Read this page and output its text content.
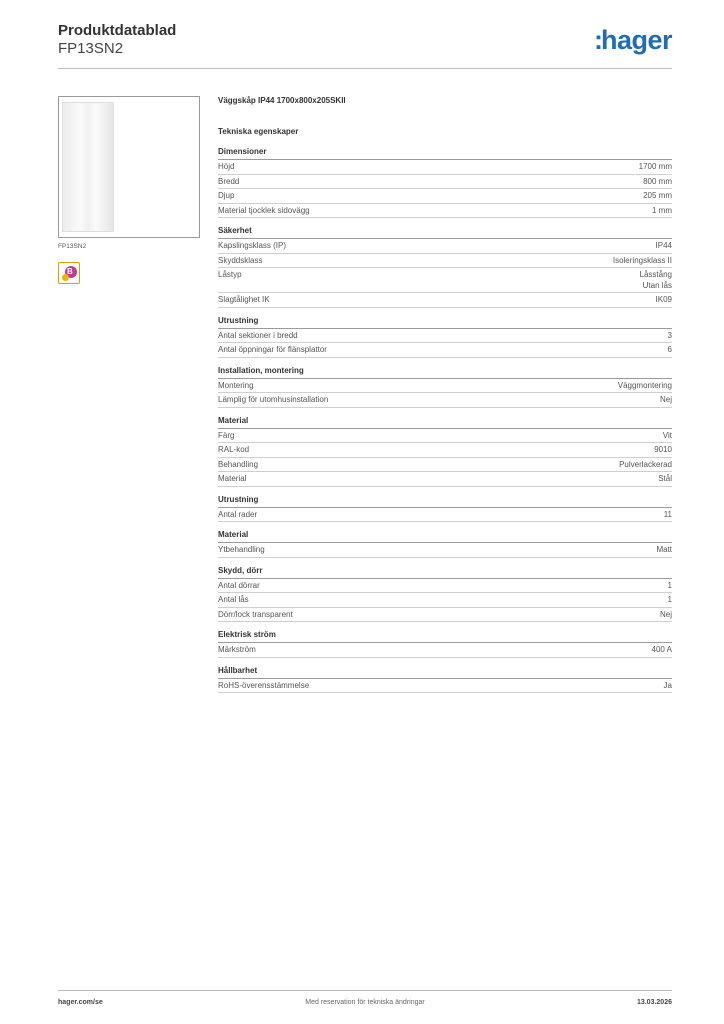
Produktdatablad
FP13SN2	:hager
FP13SN2
B
Väggskåp IP44 1700x800x205SKII
Tekniska egenskaper
Dimensioner
Höjd	1700 mm
Bredd	800 mm
Djup	205 mm
Material tjocklek sidovägg	1 mm
Säkerhet
Kapslingsklass (IP)	IP44
Skyddsklass	Isoleringsklass II
Låstyp	Låsstång
Utan lås
Slagtålighet IK	IK09
Utrustning
Antal sektioner i bredd	3
Antal öppningar för flänsplattor	6
Installation, montering
Montering	Väggmontering
Lämplig för utomhusinstallation	Nej
Material
Färg	Vit
RAL-kod	9010
Behandling	Pulverlackerad
Material	Stål
Utrustning
Antal rader	11
Material
Ytbehandling	Matt
Skydd, dörr
Antal dörrar	1
Antal lås	1
Dörr/lock transparent	Nej
Elektrisk ström
Märkström	400 A
Hållbarhet
RoHS-överensstämmelse	Ja
hager.com/se	Med reservation för tekniska ändringar	13.03.2026
